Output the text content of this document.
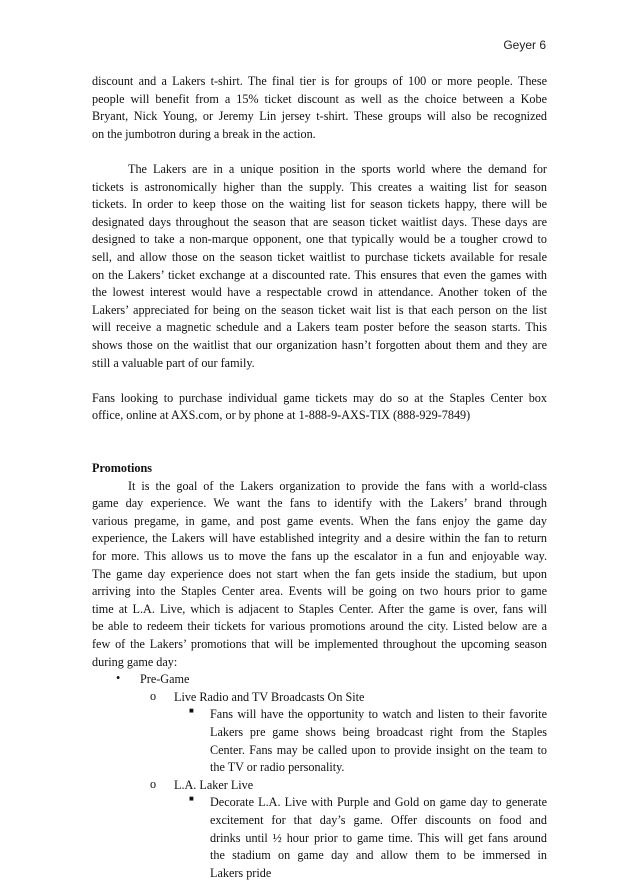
Geyer 6
discount and a Lakers t-shirt. The final tier is for groups of 100 or more people. These
people will benefit from a 15% ticket discount as well as the choice between a Kobe
Bryant, Nick Young, or Jeremy Lin jersey t-shirt. These groups will also be recognized
on the jumbotron during a break in the action.
The Lakers are in a unique position in the sports world where the demand for
tickets is astronomically higher than the supply. This creates a waiting list for season
tickets. In order to keep those on the waiting list for season tickets happy, there will be
designated days throughout the season that are season ticket waitlist days. These days are
designed to take a non-marque opponent, one that typically would be a tougher crowd to
sell, and allow those on the season ticket waitlist to purchase tickets available for resale
on the Lakers’ ticket exchange at a discounted rate. This ensures that even the games with
the lowest interest would have a respectable crowd in attendance. Another token of the
Lakers’ appreciated for being on the season ticket wait list is that each person on the list
will receive a magnetic schedule and a Lakers team poster before the season starts. This
shows those on the waitlist that our organization hasn’t forgotten about them and they are
still a valuable part of our family.
Fans looking to purchase individual game tickets may do so at the Staples Center box
office, online at AXS.com, or by phone at 1-888-9-AXS-TIX (888-929-7849)
Promotions
It is the goal of the Lakers organization to provide the fans with a world-class
game day experience. We want the fans to identify with the Lakers’ brand through
various pregame, in game, and post game events. When the fans enjoy the game day
experience, the Lakers will have established integrity and a desire within the fan to return
for more. This allows us to move the fans up the escalator in a fun and enjoyable way.
The game day experience does not start when the fan gets inside the stadium, but upon
arriving into the Staples Center area. Events will be going on two hours prior to game
time at L.A. Live, which is adjacent to Staples Center. After the game is over, fans will
be able to redeem their tickets for various promotions around the city. Listed below are a
few of the Lakers’ promotions that will be implemented throughout the upcoming season
during game day:
•	Pre-Game
o	Live Radio and TV Broadcasts On Site
■	Fans will have the opportunity to watch and listen to their favorite
Lakers pre game shows being broadcast right from the Staples
Center. Fans may be called upon to provide insight on the team to
the TV or radio personality.
o	L.A. Laker Live
■	Decorate L.A. Live with Purple and Gold on game day to generate
excitement for that day’s game. Offer discounts on food and
drinks until ½ hour prior to game time. This will get fans around
the stadium on game day and allow them to be immersed in
Lakers pride
